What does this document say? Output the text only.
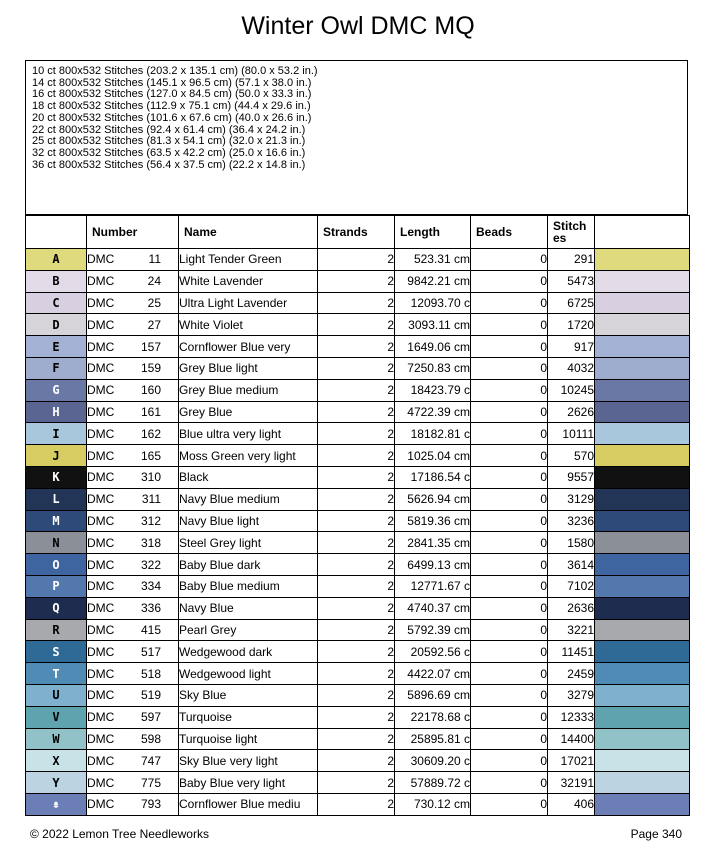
Winter Owl DMC MQ
10 ct 800x532 Stitches (203.2 x 135.1 cm) (80.0 x 53.2 in.)
14 ct 800x532 Stitches (145.1 x 96.5 cm) (57.1 x 38.0 in.)
16 ct 800x532 Stitches (127.0 x 84.5 cm) (50.0 x 33.3 in.)
18 ct 800x532 Stitches (112.9 x 75.1 cm) (44.4 x 29.6 in.)
20 ct 800x532 Stitches (101.6 x 67.6 cm) (40.0 x 26.6 in.)
22 ct 800x532 Stitches (92.4 x 61.4 cm) (36.4 x 24.2 in.)
25 ct 800x532 Stitches (81.3 x 54.1 cm) (32.0 x 21.3 in.)
32 ct 800x532 Stitches (63.5 x 42.2 cm) (25.0 x 16.6 in.)
36 ct 800x532 Stitches (56.4 x 37.5 cm) (22.2 x 14.8 in.)
	Number	Name	Strands	Length	Beads	Stitch es	
A	DMC 11	Light Tender Green	2	523.31 cm	0	291	
B	DMC 24	White Lavender	2	9842.21 cm	0	5473	
C	DMC 25	Ultra Light Lavender	2	12093.70 c	0	6725	
D	DMC 27	White Violet	2	3093.11 cm	0	1720	
E	DMC 157	Cornflower Blue very	2	1649.06 cm	0	917	
F	DMC 159	Grey Blue light	2	7250.83 cm	0	4032	
G	DMC 160	Grey Blue medium	2	18423.79 c	0	10245	
H	DMC 161	Grey Blue	2	4722.39 cm	0	2626	
I	DMC 162	Blue ultra very light	2	18182.81 c	0	10111	
J	DMC 165	Moss Green very light	2	1025.04 cm	0	570	
K	DMC 310	Black	2	17186.54 c	0	9557	
L	DMC 311	Navy Blue medium	2	5626.94 cm	0	3129	
M	DMC 312	Navy Blue light	2	5819.36 cm	0	3236	
N	DMC 318	Steel Grey light	2	2841.35 cm	0	1580	
O	DMC 322	Baby Blue dark	2	6499.13 cm	0	3614	
P	DMC 334	Baby Blue medium	2	12771.67 c	0	7102	
Q	DMC 336	Navy Blue	2	4740.37 cm	0	2636	
R	DMC 415	Pearl Grey	2	5792.39 cm	0	3221	
S	DMC 517	Wedgewood dark	2	20592.56 c	0	11451	
T	DMC 518	Wedgewood light	2	4422.07 cm	0	2459	
U	DMC 519	Sky Blue	2	5896.69 cm	0	3279	
V	DMC 597	Turquoise	2	22178.68 c	0	12333	
W	DMC 598	Turquoise light	2	25895.81 c	0	14400	
X	DMC 747	Sky Blue very light	2	30609.20 c	0	17021	
Y	DMC 775	Baby Blue very light	2	57889.72 c	0	32191	
⇞	DMC 793	Cornflower Blue mediu	2	730.12 cm	0	406	
© 2022 Lemon Tree Needleworks	Page 340
